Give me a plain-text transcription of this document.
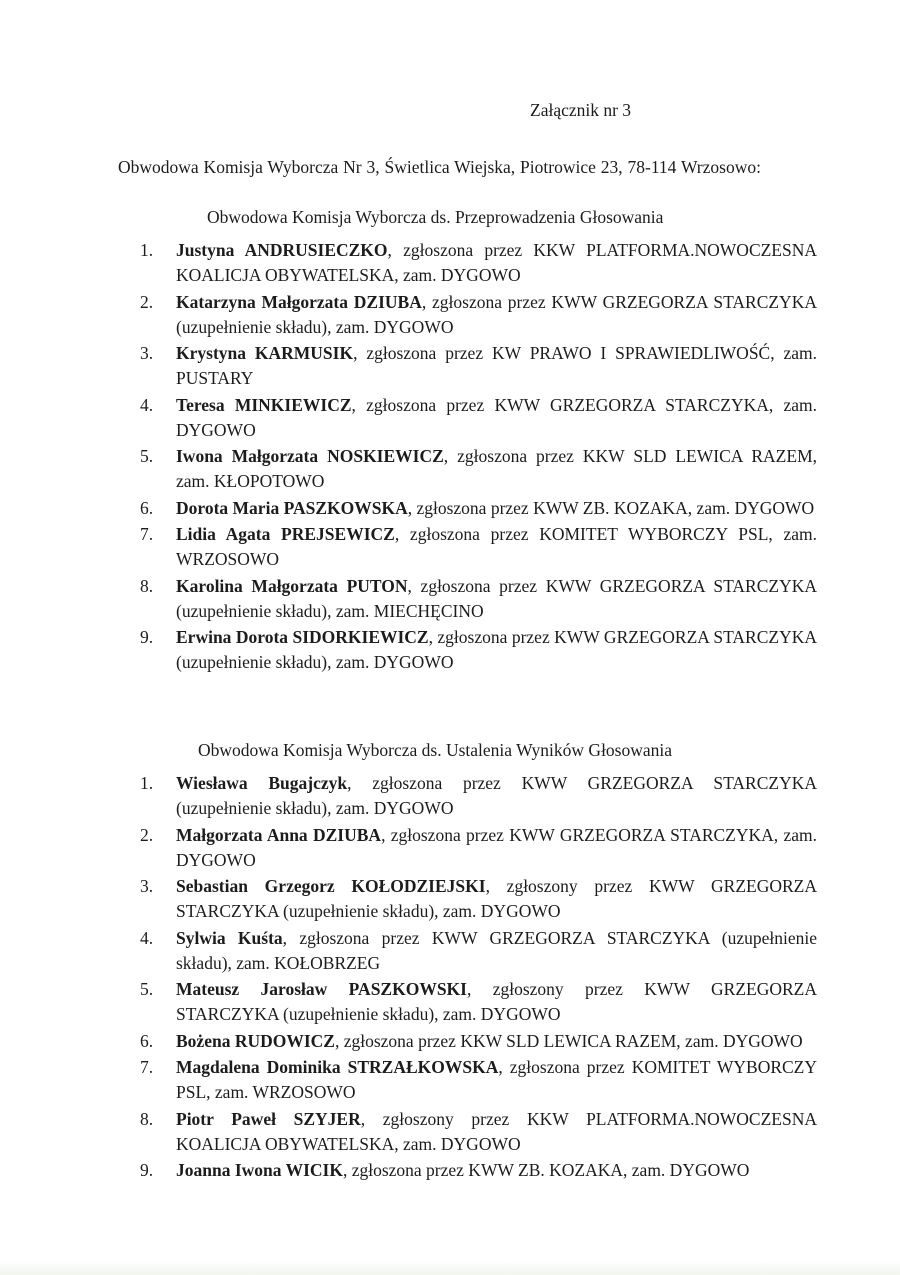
Załącznik nr 3
Obwodowa Komisja Wyborcza Nr 3, Świetlica Wiejska, Piotrowice 23, 78-114 Wrzosowo:
Obwodowa Komisja Wyborcza ds. Przeprowadzenia Głosowania
1. Justyna ANDRUSIECZKO, zgłoszona przez KKW PLATFORMA.NOWOCZESNA KOALICJA OBYWATELSKA, zam. DYGOWO
2. Katarzyna Małgorzata DZIUBA, zgłoszona przez KWW GRZEGORZA STARCZYKA (uzupełnienie składu), zam. DYGOWO
3. Krystyna KARMUSIK, zgłoszona przez KW PRAWO I SPRAWIEDLIWOŚĆ, zam. PUSTARY
4. Teresa MINKIEWICZ, zgłoszona przez KWW GRZEGORZA STARCZYKA, zam. DYGOWO
5. Iwona Małgorzata NOSKIEWICZ, zgłoszona przez KKW SLD LEWICA RAZEM, zam. KŁOPOTOWO
6. Dorota Maria PASZKOWSKA, zgłoszona przez KWW ZB. KOZAKA, zam. DYGOWO
7. Lidia Agata PREJSEWICZ, zgłoszona przez KOMITET WYBORCZY PSL, zam. WRZOSOWO
8. Karolina Małgorzata PUTON, zgłoszona przez KWW GRZEGORZA STARCZYKA (uzupełnienie składu), zam. MIECHĘCINO
9. Erwina Dorota SIDORKIEWICZ, zgłoszona przez KWW GRZEGORZA STARCZYKA (uzupełnienie składu), zam. DYGOWO
Obwodowa Komisja Wyborcza ds. Ustalenia Wyników Głosowania
1. Wiesława Bugajczyk, zgłoszona przez KWW GRZEGORZA STARCZYKA (uzupełnienie składu), zam. DYGOWO
2. Małgorzata Anna DZIUBA, zgłoszona przez KWW GRZEGORZA STARCZYKA, zam. DYGOWO
3. Sebastian Grzegorz KOŁODZIEJSKI, zgłoszony przez KWW GRZEGORZA STARCZYKA (uzupełnienie składu), zam. DYGOWO
4. Sylwia Kuśta, zgłoszona przez KWW GRZEGORZA STARCZYKA (uzupełnienie składu), zam. KOŁOBRZEG
5. Mateusz Jarosław PASZKOWSKI, zgłoszony przez KWW GRZEGORZA STARCZYKA (uzupełnienie składu), zam. DYGOWO
6. Bożena RUDOWICZ, zgłoszona przez KKW SLD LEWICA RAZEM, zam. DYGOWO
7. Magdalena Dominika STRZAŁKOWSKA, zgłoszona przez KOMITET WYBORCZY PSL, zam. WRZOSOWO
8. Piotr Paweł SZYJER, zgłoszony przez KKW PLATFORMA.NOWOCZESNA KOALICJA OBYWATELSKA, zam. DYGOWO
9. Joanna Iwona WICIK, zgłoszona przez KWW ZB. KOZAKA, zam. DYGOWO
